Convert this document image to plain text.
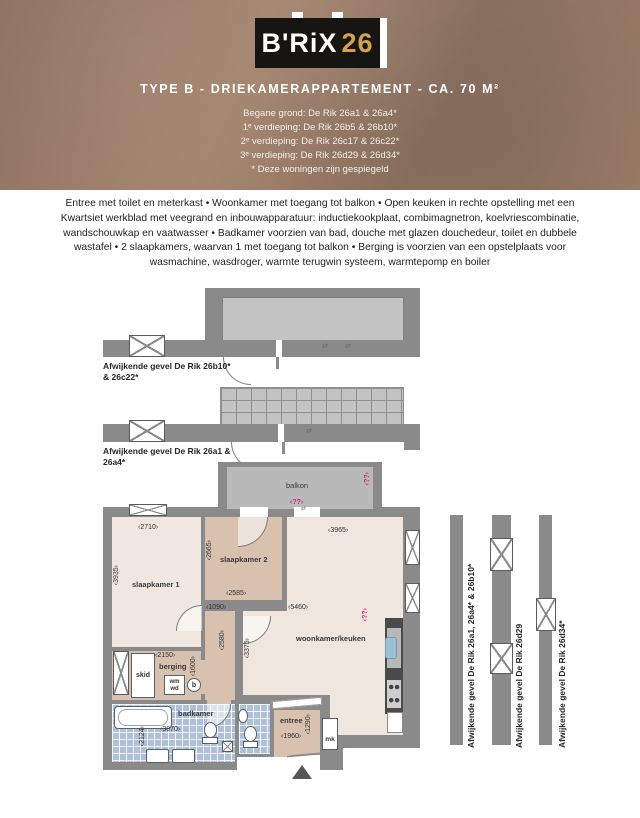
B'RiX 26
TYPE B - DRIEKAMERAPPARTEMENT - CA. 70 M²
Begane grond: De Rik 26a1 & 26a4*
1ᵉ verdieping: De Rik 26b5 & 26b10*
2ᵉ verdieping: De Rik 26c17 & 26c22*
3ᵉ verdieping: De Rik 26d29 & 26d34*
* Deze woningen zijn gespiegeld
Entree met toilet en meterkast • Woonkamer met toegang tot balkon • Open keuken in rechte opstelling met een Kwartsiet werkblad met veegrand en inbouwapparatuur: inductiekookplaat, combimagnetron, koelvriescombinatie, wandschouwkap en vaatwasser • Badkamer voorzien van bad, douche met glazen douchedeur, toilet en dubbele wastafel • 2 slaapkamers, waarvan 1 met toegang tot balkon • Berging is voorzien van een opstelplaats voor wasmachine, wasdroger, warmte terugwin systeem, warmtepomp en boiler
⇄ ⇄
Afwijkende gevel De Rik 26b10*
& 26c22*
⇄
Afwijkende gevel De Rik 26a1 &
26a4*
balkon
‹??›
‹??›
⇄
skid
wm
wd
b
mk
slaapkamer 1
slaapkamer 2
woonkamer/keuken
berging
badkamer
entree
‹2710›
‹3935›
‹2665›
‹2585›
‹1090›
‹2580›
‹3965›
‹5460›
‹3375›
‹??›
‹2150›
‹1600›
‹3870›
‹2124›	‹1960›
‹1290›	Afwijkende gevel De Rik 26a1, 26a4* & 26b10*	Afwijkende gevel De Rik 26d29	Afwijkende gevel De Rik 26d34*
